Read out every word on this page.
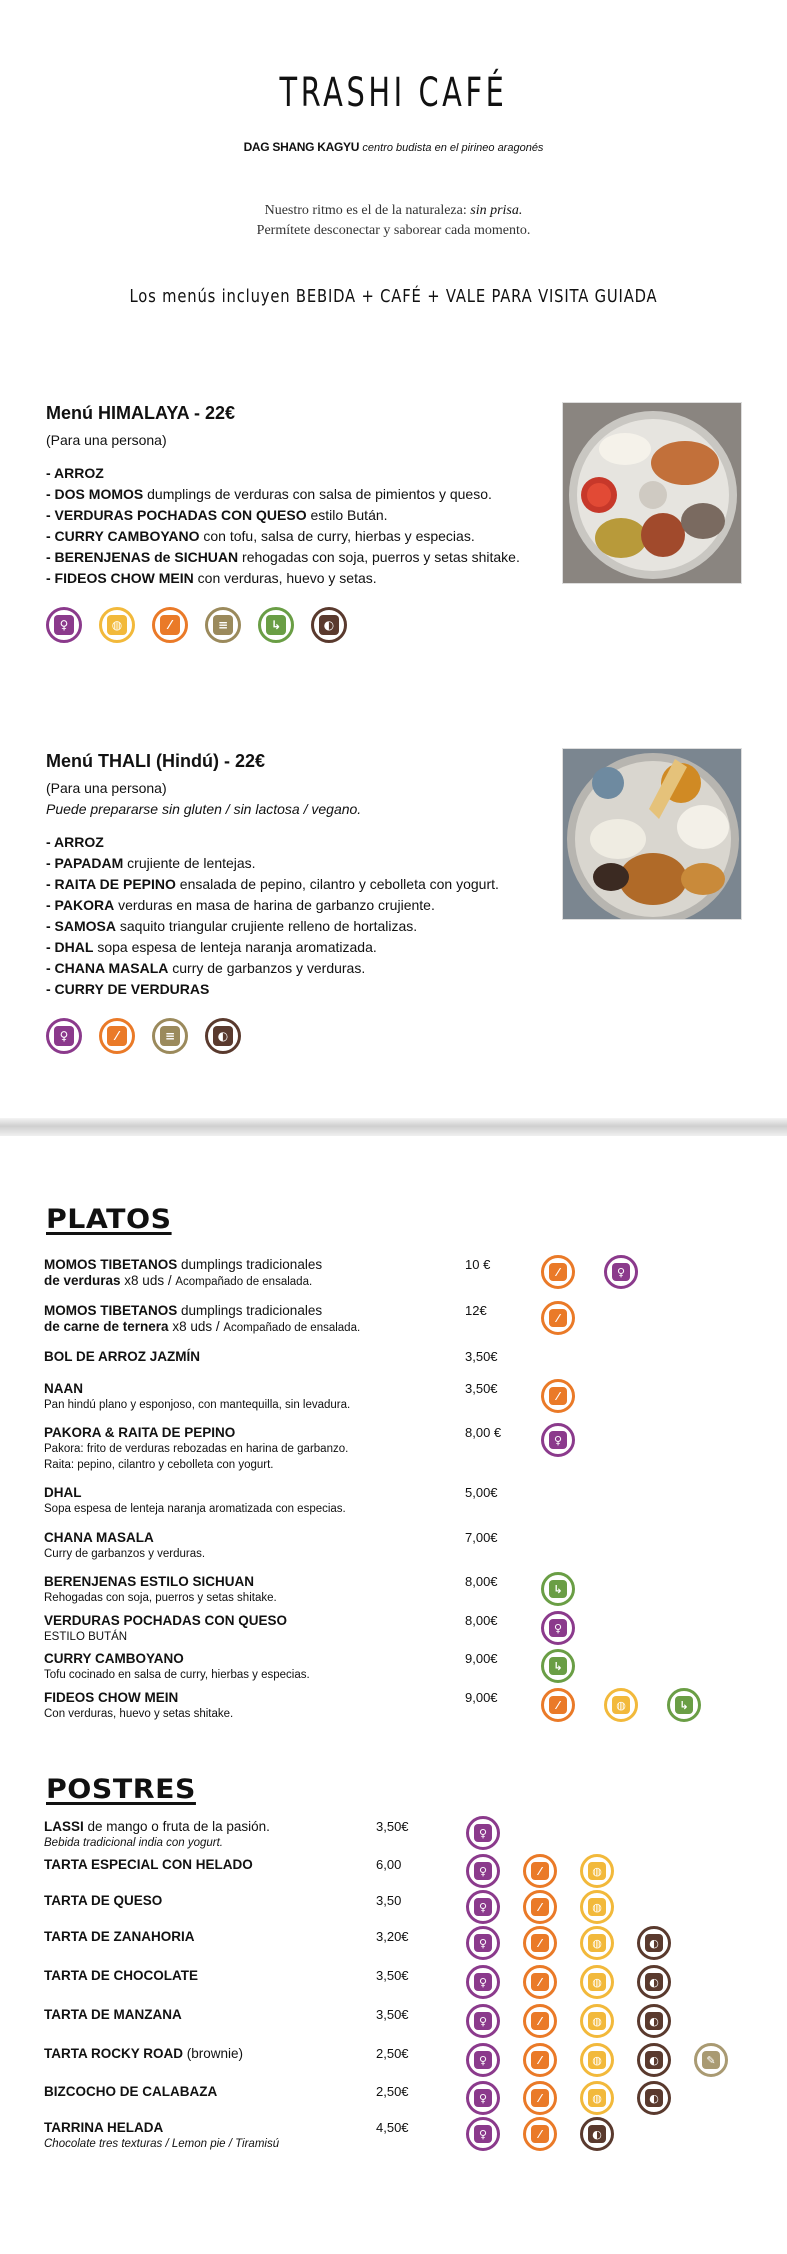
TRASHI CAFÉ
DAG SHANG KAGYU centro budista en el pirineo aragonés
Nuestro ritmo es el de la naturaleza: sin prisa.
Permítete desconectar y saborear cada momento.
Los menús incluyen BEBIDA + CAFÉ + VALE PARA VISITA GUIADA
Menú HIMALAYA - 22€
(Para una persona)
- ARROZ
- DOS MOMOS dumplings de verduras con salsa de pimientos y queso.
- VERDURAS POCHADAS CON QUESO estilo Bután.
- CURRY CAMBOYANO con tofu, salsa de curry, hierbas y especias.
- BERENJENAS de SICHUAN rehogadas con soja, puerros y setas shitake.
- FIDEOS CHOW MEIN con verduras, huevo y setas.
♀	◍	⁄	≡	↳	◐
Menú THALI (Hindú) - 22€
(Para una persona)
Puede prepararse sin gluten / sin lactosa / vegano.
- ARROZ
- PAPADAM crujiente de lentejas.
- RAITA DE PEPINO ensalada de pepino, cilantro y cebolleta con yogurt.
- PAKORA verduras en masa de harina de garbanzo crujiente.
- SAMOSA saquito triangular crujiente relleno de hortalizas.
- DHAL sopa espesa de lenteja naranja aromatizada.
- CHANA MASALA curry de garbanzos y verduras.
- CURRY DE VERDURAS
♀	⁄	≡	◐
PLATOS
MOMOS TIBETANOS dumplings tradicionales
de verduras x8 uds / Acompañado de ensalada.
10 €	⁄	♀
MOMOS TIBETANOS dumplings tradicionales
de carne de ternera x8 uds / Acompañado de ensalada.
12€	⁄
BOL DE ARROZ JAZMÍN	3,50€
NAAN
Pan hindú plano y esponjoso, con mantequilla, sin levadura.
3,50€	⁄
PAKORA & RAITA DE PEPINO
Pakora: frito de verduras rebozadas en harina de garbanzo.
Raita: pepino, cilantro y cebolleta con yogurt.
8,00 €	♀
DHAL
Sopa espesa de lenteja naranja aromatizada con especias.
5,00€
CHANA MASALA
Curry de garbanzos y verduras.
7,00€
BERENJENAS ESTILO SICHUAN
Rehogadas con soja, puerros y setas shitake.
8,00€	↳
VERDURAS POCHADAS CON QUESO
ESTILO BUTÁN
8,00€	♀
CURRY CAMBOYANO
Tofu cocinado en salsa de curry, hierbas y especias.
9,00€	↳
FIDEOS CHOW MEIN
Con verduras, huevo y setas shitake.
9,00€	⁄	◍	↳
POSTRES
LASSI de mango o fruta de la pasión.
Bebida tradicional india con yogurt.
3,50€	♀
TARTA ESPECIAL CON HELADO	6,00	♀	⁄	◍
TARTA DE QUESO	3,50	♀	⁄	◍
TARTA DE ZANAHORIA	3,20€	♀	⁄	◍	◐
TARTA DE CHOCOLATE	3,50€	♀	⁄	◍	◐
TARTA DE MANZANA	3,50€	♀	⁄	◍	◐
TARTA ROCKY ROAD (brownie)	2,50€	♀	⁄	◍	◐	✎
BIZCOCHO DE CALABAZA	2,50€	♀	⁄	◍	◐
TARRINA HELADA
Chocolate tres texturas / Lemon pie / Tiramisú
4,50€	♀	⁄	◐
